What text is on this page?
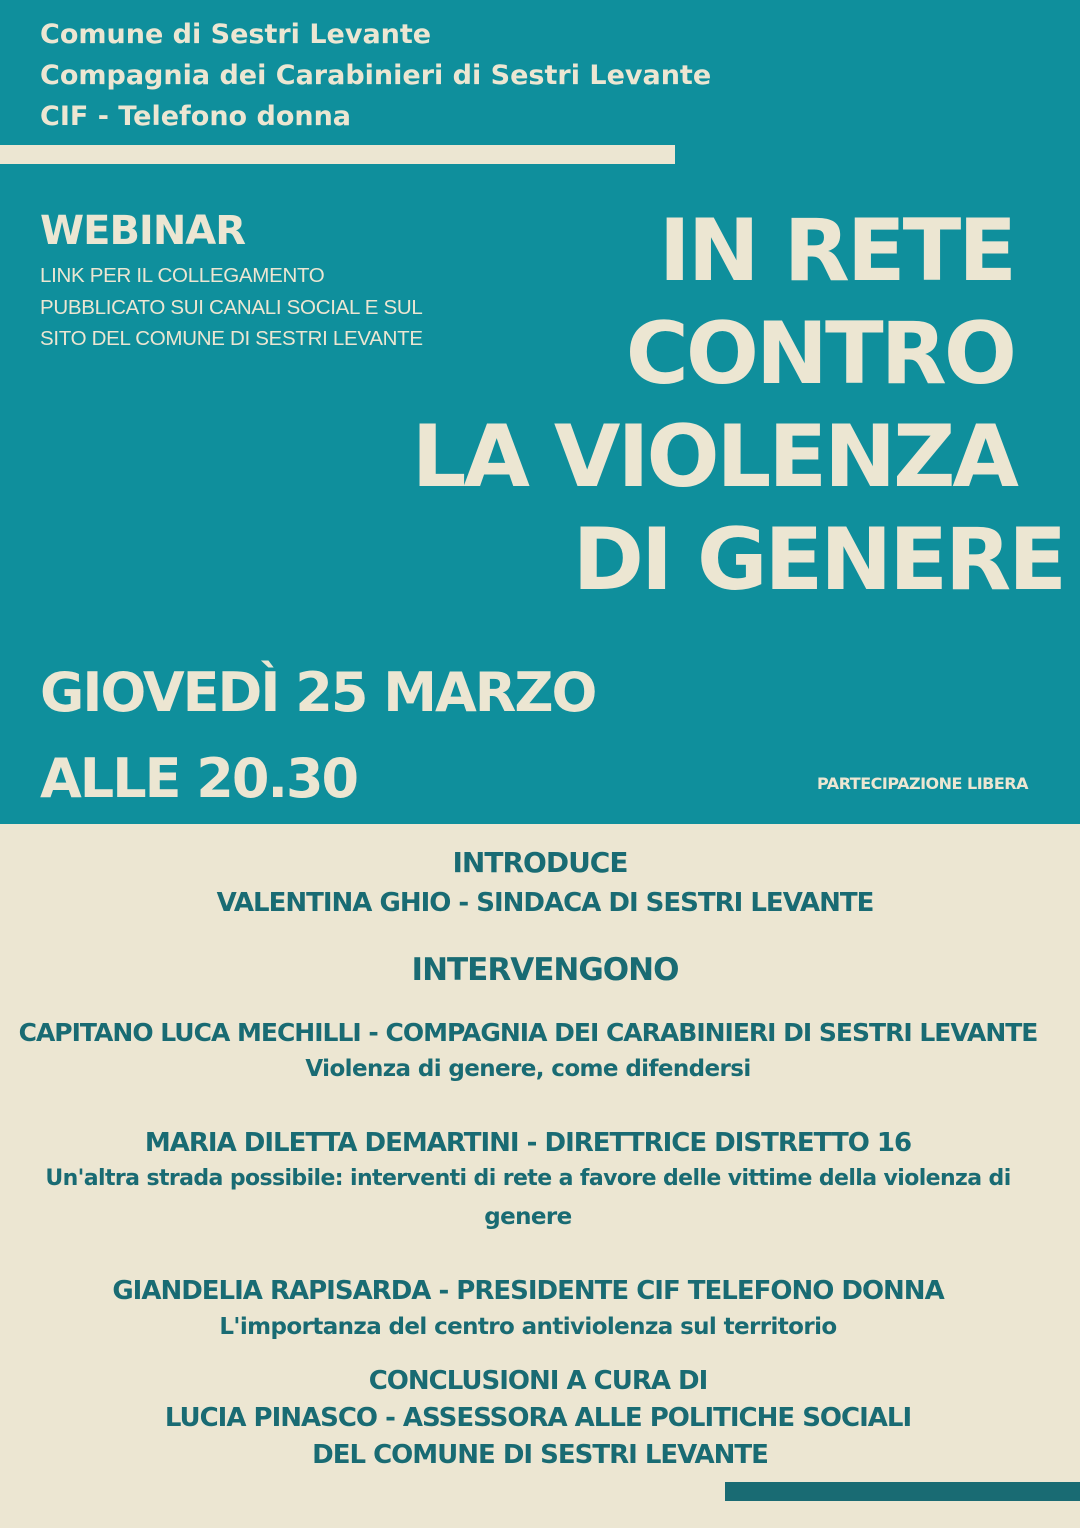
Comune di Sestri Levante
Compagnia dei Carabinieri di Sestri Levante
CIF - Telefono donna
WEBINAR
LINK PER IL COLLEGAMENTO
PUBBLICATO SUI CANALI SOCIAL E SUL
SITO DEL COMUNE DI SESTRI LEVANTE
IN RETE
CONTRO
LA VIOLENZA
DI GENERE
GIOVEDÌ 25 MARZO
ALLE 20.30	PARTECIPAZIONE LIBERA
INTRODUCE
VALENTINA GHIO - SINDACA DI SESTRI LEVANTE
INTERVENGONO
CAPITANO LUCA MECHILLI - COMPAGNIA DEI CARABINIERI DI SESTRI LEVANTE
Violenza di genere, come difendersi
MARIA DILETTA DEMARTINI - DIRETTRICE DISTRETTO 16
Un'altra strada possibile: interventi di rete a favore delle vittime della violenza di
genere
GIANDELIA RAPISARDA - PRESIDENTE CIF TELEFONO DONNA
L'importanza del centro antiviolenza sul territorio
CONCLUSIONI A CURA DI
LUCIA PINASCO - ASSESSORA ALLE POLITICHE SOCIALI
DEL COMUNE DI SESTRI LEVANTE
